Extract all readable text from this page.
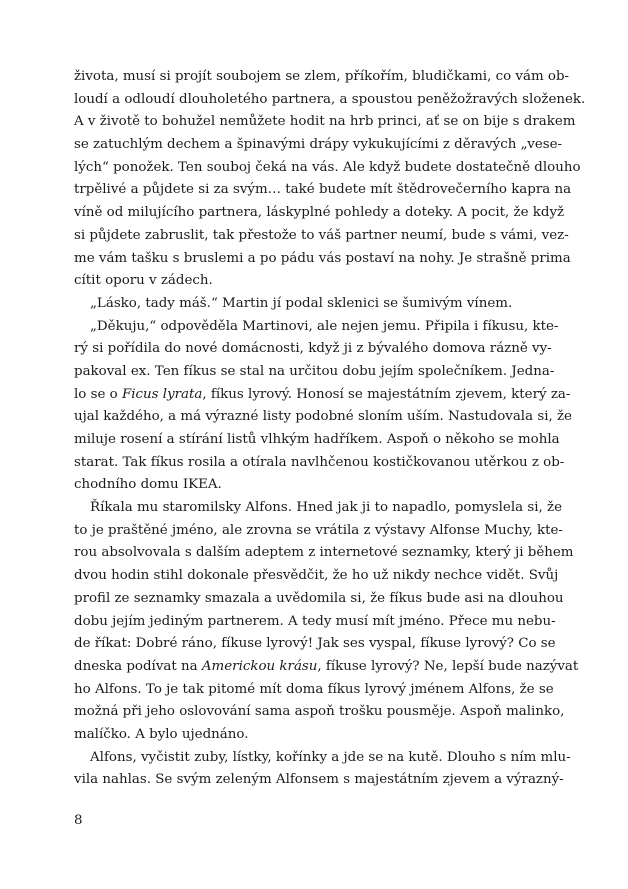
života, musí si projít soubojem se zlem, příkořím, bludičkami, co vám ob-
loudí a odloudí dlouholetého partnera, a spoustou peněžožravých složenek.
A v životě to bohužel nemůžete hodit na hrb princi, ať se on bije s drakem
se zatuchlým dechem a špinavými drápy vykukujícími z děravých „vese-
lých“ ponožek. Ten souboj čeká na vás. Ale když budete dostatečně dlouho
trpělivé a půjdete si za svým… také budete mít štědrovečerního kapra na
víně od milujícího partnera, láskyplné pohledy a doteky. A pocit, že když
si půjdete zabruslit, tak přestože to váš partner neumí, bude s vámi, vez-
me vám tašku s bruslemi a po pádu vás postaví na nohy. Je strašně prima
cítit oporu v zádech.
„Lásko, tady máš.“ Martin jí podal sklenici se šumivým vínem.
„Děkuju,“ odpověděla Martinovi, ale nejen jemu. Připila i fíkusu, kte-
rý si pořídila do nové domácnosti, když ji z bývalého domova rázně vy-
pakoval ex. Ten fíkus se stal na určitou dobu jejím společníkem. Jedna-
lo se o Ficus lyrata, fíkus lyrový. Honosí se majestátním zjevem, který za-
ujal každého, a má výrazné listy podobné sloním uším. Nastudovala si, že
miluje rosení a stírání listů vlhkým hadříkem. Aspoň o někoho se mohla
starat. Tak fíkus rosila a otírala navlhčenou kostičkovanou utěrkou z ob-
chodního domu IKEA.
Říkala mu staromilsky Alfons. Hned jak ji to napadlo, pomyslela si, že
to je praštěné jméno, ale zrovna se vrátila z výstavy Alfonse Muchy, kte-
rou absolvovala s dalším adeptem z internetové seznamky, který ji během
dvou hodin stihl dokonale přesvědčit, že ho už nikdy nechce vidět. Svůj
profil ze seznamky smazala a uvědomila si, že fíkus bude asi na dlouhou
dobu jejím jediným partnerem. A tedy musí mít jméno. Přece mu nebu-
de říkat: Dobré ráno, fíkuse lyrový! Jak ses vyspal, fíkuse lyrový? Co se
dneska podívat na Americkou krásu, fíkuse lyrový? Ne, lepší bude nazývat
ho Alfons. To je tak pitomé mít doma fíkus lyrový jménem Alfons, že se
možná při jeho oslovování sama aspoň trošku pousměje. Aspoň malinko,
malíčko. A bylo ujednáno.
Alfons, vyčistit zuby, lístky, kořínky a jde se na kutě. Dlouho s ním mlu-
vila nahlas. Se svým zeleným Alfonsem s majestátním zjevem a výrazný-
8
